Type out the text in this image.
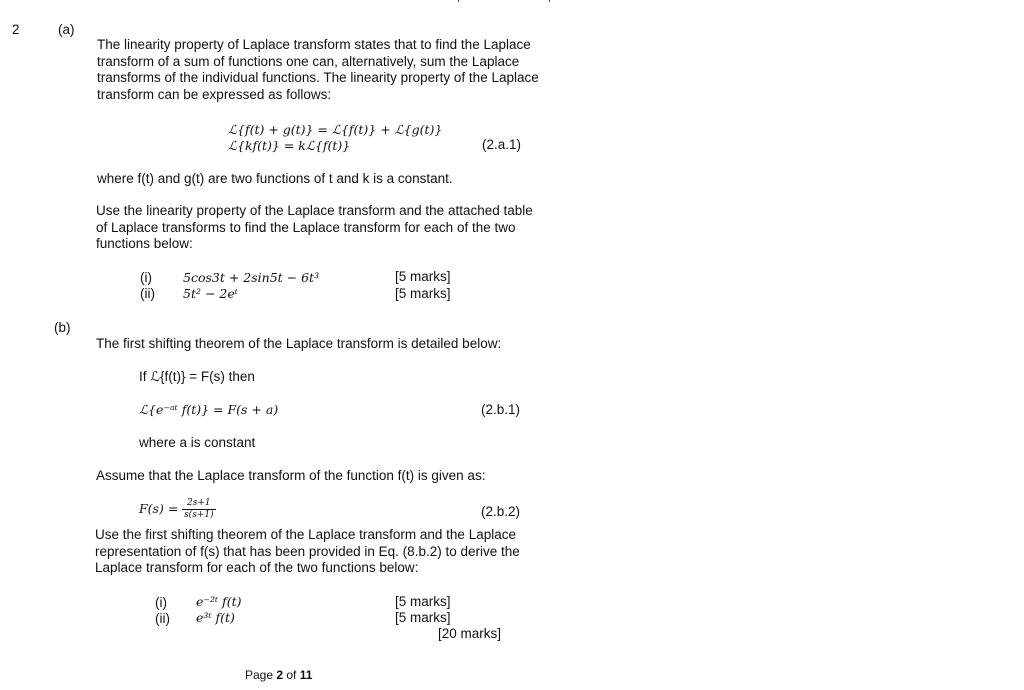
2	(a)
The linearity property of Laplace transform states that to find the Laplace transform of a sum of functions one can, alternatively, sum the Laplace transforms of the individual functions. The linearity property of the Laplace transform can be expressed as follows:
ℒ{f(t) + g(t)} = ℒ{f(t)} + ℒ{g(t)}
ℒ{kf(t)} = kℒ{f(t)}	(2.a.1)
where f(t) and g(t) are two functions of t and k is a constant.
Use the linearity property of the Laplace transform and the attached table of Laplace transforms to find the Laplace transform for each of the two functions below:
(i) 5cos3t + 2sin5t − 6t³	[5 marks]
(ii) 5t² − 2eᵗ	[5 marks]
(b)
The first shifting theorem of the Laplace transform is detailed below:
If ℒ{f(t)} = F(s) then
ℒ{e⁻ᵃᵗ f(t)} = F(s + a)	(2.b.1)
where a is constant
Assume that the Laplace transform of the function f(t) is given as:
$F(s) = \frac{2s+1}{s(s+1)}$	(2.b.2)
Use the first shifting theorem of the Laplace transform and the Laplace representation of f(s) that has been provided in Eq. (8.b.2) to derive the Laplace transform for each of the two functions below:
(i) e⁻²ᵗ f(t)	[5 marks]
(ii) e³ᵗ f(t)	[5 marks]
[20 marks]
Page 2 of 11
